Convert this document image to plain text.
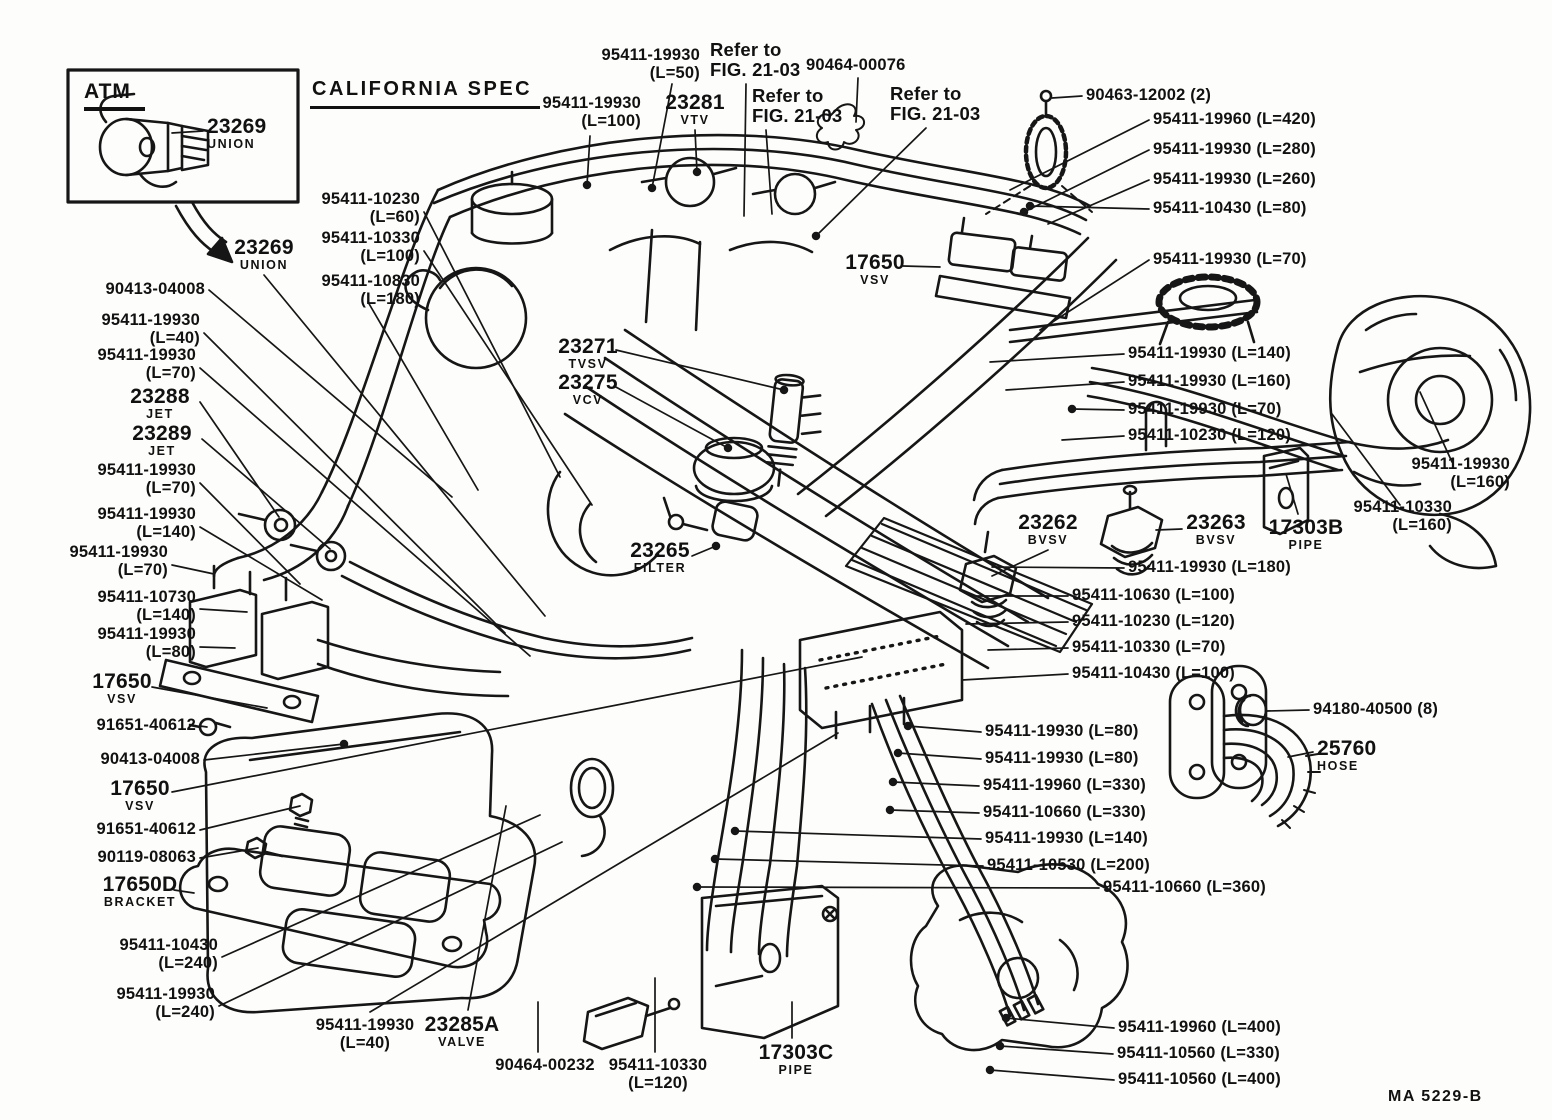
ATM	CALIFORNIA SPEC
MA 5229-B
95411-19930
(L=50)
95411-19930
(L=100)
23281
VTV
Refer to
FIG. 21-03
Refer to
FIG. 21-03
90464-00076
Refer to
FIG. 21-03
90463-12002 (2)
95411-19960 (L=420)
95411-19930 (L=280)
95411-19930 (L=260)
95411-10430 (L=80)
95411-19930 (L=70)
17650
VSV
95411-10230
(L=60)
23269
UNION
95411-10330
(L=100)
95411-10830
(L=180)
90413-04008
95411-19930
(L=40)
95411-19930
(L=70)
23288
JET
23289
JET
95411-19930
(L=70)
95411-19930
(L=140)
95411-19930
(L=70)
95411-10730
(L=140)
95411-19930
(L=80)
17650
VSV
91651-40612
90413-04008
17650
VSV
91651-40612
90119-08063
17650D
BRACKET
95411-10430
(L=240)
95411-19930
(L=240)
95411-19930
(L=40)
23285A
VALVE
90464-00232 95411-10330
(L=120)
17303C
PIPE
95411-19930 (L=140)
95411-19930 (L=160)
95411-19930 (L=70)
95411-10230 (L=120)
95411-19930
(L=160)
95411-10330
(L=160)
23262
BVSV
23263
BVSV
17303B
PIPE
95411-19930 (L=180)
95411-10630 (L=100)
95411-10230 (L=120)
95411-10330 (L=70)
95411-10430 (L=100)
94180-40500 (8)
25760
HOSE
95411-19930 (L=80)
95411-19930 (L=80)
95411-19960 (L=330)
95411-10660 (L=330)
95411-19930 (L=140)
95411-10530 (L=200)
95411-10660 (L=360)
95411-19960 (L=400)
95411-10560 (L=330)
95411-10560 (L=400)
23271
TVSV
23275
VCV
23265
FILTER
23269
UNION
